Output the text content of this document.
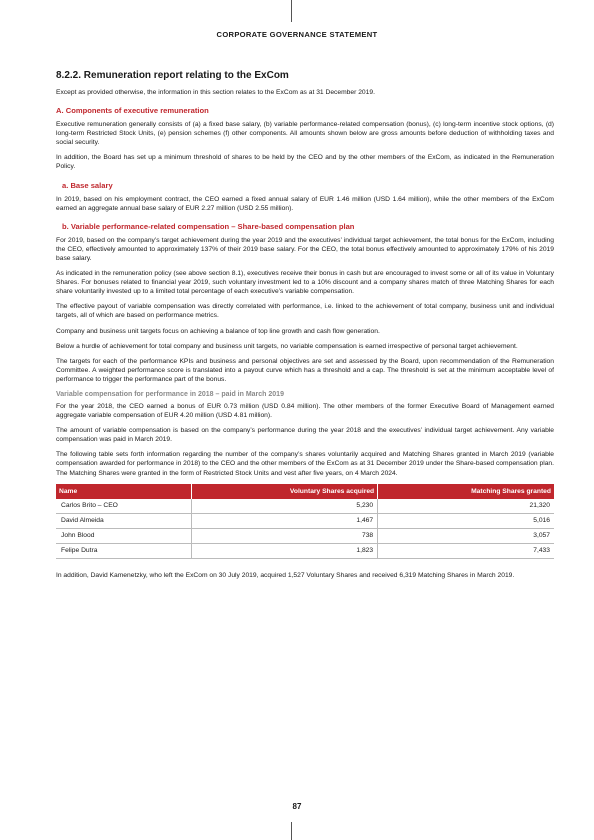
CORPORATE GOVERNANCE STATEMENT
8.2.2. Remuneration report relating to the ExCom

Except as provided otherwise, the information in this section relates to the ExCom as at 31 December 2019.

A. Components of executive remuneration

Executive remuneration generally consists of (a) a fixed base salary, (b) variable performance-related compensation (bonus), (c) long-term incentive stock options, (d) long-term Restricted Stock Units, (e) pension schemes (f) other components. All amounts shown below are gross amounts before deduction of withholding taxes and social security.

In addition, the Board has set up a minimum threshold of shares to be held by the CEO and by the other members of the ExCom, as indicated in the Remuneration Policy.

a. Base salary

In 2019, based on his employment contract, the CEO earned a fixed annual salary of EUR 1.46 million (USD 1.64 million), while the other members of the ExCom earned an aggregate annual base salary of EUR 2.27 million (USD 2.55 million).

b. Variable performance-related compensation – Share-based compensation plan

For 2019, based on the company’s target achievement during the year 2019 and the executives’ individual target achievement, the total bonus for the ExCom, including the CEO, effectively amounted to approximately 137% of their 2019 base salary. For the CEO, the total bonus effectively amounted to approximately 179% of his 2019 base salary.

As indicated in the remuneration policy (see above section 8.1), executives receive their bonus in cash but are encouraged to invest some or all of its value in Voluntary Shares. For bonuses related to financial year 2019, such voluntary investment led to a 10% discount and a company shares match of three Matching Shares for each share voluntarily invested up to a limited total percentage of each executive’s variable compensation.

The effective payout of variable compensation was directly correlated with performance, i.e. linked to the achievement of total company, business unit and individual targets, all of which are based on performance metrics.

Company and business unit targets focus on achieving a balance of top line growth and cash flow generation.

Below a hurdle of achievement for total company and business unit targets, no variable compensation is earned irrespective of personal target achievement.

The targets for each of the performance KPIs and business and personal objectives are set and assessed by the Board, upon recommendation of the Remuneration Committee. A weighted performance score is translated into a payout curve which has a threshold and a cap. The threshold is set at the minimum acceptable level of performance to trigger the performance part of the bonus.

Variable compensation for performance in 2018 – paid in March 2019

For the year 2018, the CEO earned a bonus of EUR 0.73 million (USD 0.84 million). The other members of the former Executive Board of Management earned aggregate variable compensation of EUR 4.20 million (USD 4.81 million).

The amount of variable compensation is based on the company’s performance during the year 2018 and the executives’ individual target achievement. Any variable compensation was paid in March 2019.

The following table sets forth information regarding the number of the company’s shares voluntarily acquired and Matching Shares granted in March 2019 (variable compensation awarded for performance in 2018) to the CEO and the other members of the ExCom as at 31 December 2019 under the Share-based compensation plan. The Matching Shares were granted in the form of Restricted Stock Units and vest after five years, on 4 March 2024.

Name	Voluntary Shares acquired	Matching Shares granted
Carlos Brito – CEO	5,230	21,320
David Almeida	1,467	5,016
John Blood	738	3,057
Felipe Dutra	1,823	7,433

In addition, David Kamenetzky, who left the ExCom on 30 July 2019, acquired 1,527 Voluntary Shares and received 6,319 Matching Shares in March 2019.

87
